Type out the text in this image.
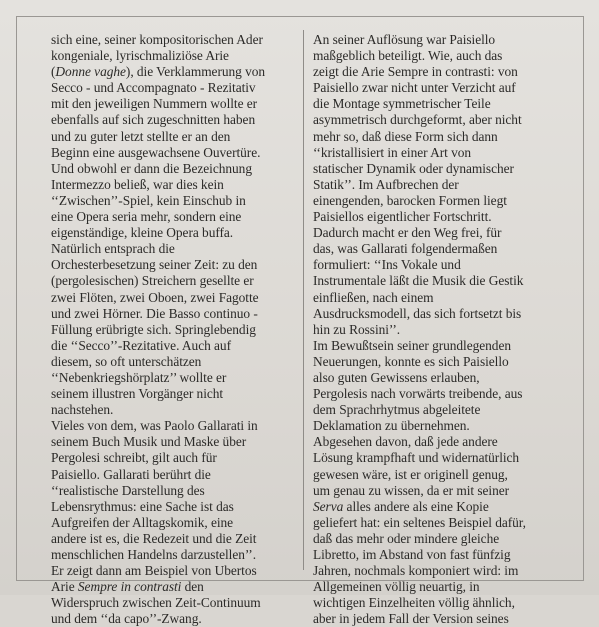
sich eine, seiner kompositorischen Ader
kongeniale, lyrischmaliziöse Arie
(Donne vaghe), die Verklammerung von
Secco - und Accompagnato - Rezitativ
mit den jeweiligen Nummern wollte er
ebenfalls auf sich zugeschnitten haben
und zu guter letzt stellte er an den
Beginn eine ausgewachsene Ouvertüre.
Und obwohl er dann die Bezeichnung
Intermezzo beließ, war dies kein
‘‘Zwischen’’-Spiel, kein Einschub in
eine Opera seria mehr, sondern eine
eigenständige, kleine Opera buffa.
Natürlich entsprach die
Orchesterbesetzung seiner Zeit: zu den
(pergolesischen) Streichern gesellte er
zwei Flöten, zwei Oboen, zwei Fagotte
und zwei Hörner. Die Basso continuo -
Füllung erübrigte sich. Springlebendig
die ‘‘Secco’’-Rezitative. Auch auf
diesem, so oft unterschätzen
‘‘Nebenkriegshörplatz’’ wollte er
seinem illustren Vorgänger nicht
nachstehen.
Vieles von dem, was Paolo Gallarati in
seinem Buch Musik und Maske über
Pergolesi schreibt, gilt auch für
Paisiello. Gallarati berührt die
‘‘realistische Darstellung des
Lebensrythmus: eine Sache ist das
Aufgreifen der Alltagskomik, eine
andere ist es, die Redezeit und die Zeit
menschlichen Handelns darzustellen’’.
Er zeigt dann am Beispiel von Ubertos
Arie Sempre in contrasti den
Widerspruch zwischen Zeit-Continuum
und dem ‘‘da capo’’-Zwang.
An seiner Auflösung war Paisiello
maßgeblich beteiligt. Wie, auch das
zeigt die Arie Sempre in contrasti: von
Paisiello zwar nicht unter Verzicht auf
die Montage symmetrischer Teile
asymmetrisch durchgeformt, aber nicht
mehr so, daß diese Form sich dann
‘‘kristallisiert in einer Art von
statischer Dynamik oder dynamischer
Statik’’. Im Aufbrechen der
einengenden, barocken Formen liegt
Paisiellos eigentlicher Fortschritt.
Dadurch macht er den Weg frei, für
das, was Gallarati folgendermaßen
formuliert: ‘‘Ins Vokale und
Instrumentale läßt die Musik die Gestik
einfließen, nach einem
Ausdrucksmodell, das sich fortsetzt bis
hin zu Rossini’’.
Im Bewußtsein seiner grundlegenden
Neuerungen, konnte es sich Paisiello
also guten Gewissens erlauben,
Pergolesis nach vorwärts treibende, aus
dem Sprachrhytmus abgeleitete
Deklamation zu übernehmen.
Abgesehen davon, daß jede andere
Lösung krampfhaft und widernatürlich
gewesen wäre, ist er originell genug,
um genau zu wissen, da er mit seiner
Serva alles andere als eine Kopie
geliefert hat: ein seltenes Beispiel dafür,
daß das mehr oder mindere gleiche
Libretto, im Abstand von fast fünfzig
Jahren, nochmals komponiert wird: im
Allgemeinen völlig neuartig, in
wichtigen Einzelheiten völlig ähnlich,
aber in jedem Fall der Version seines
